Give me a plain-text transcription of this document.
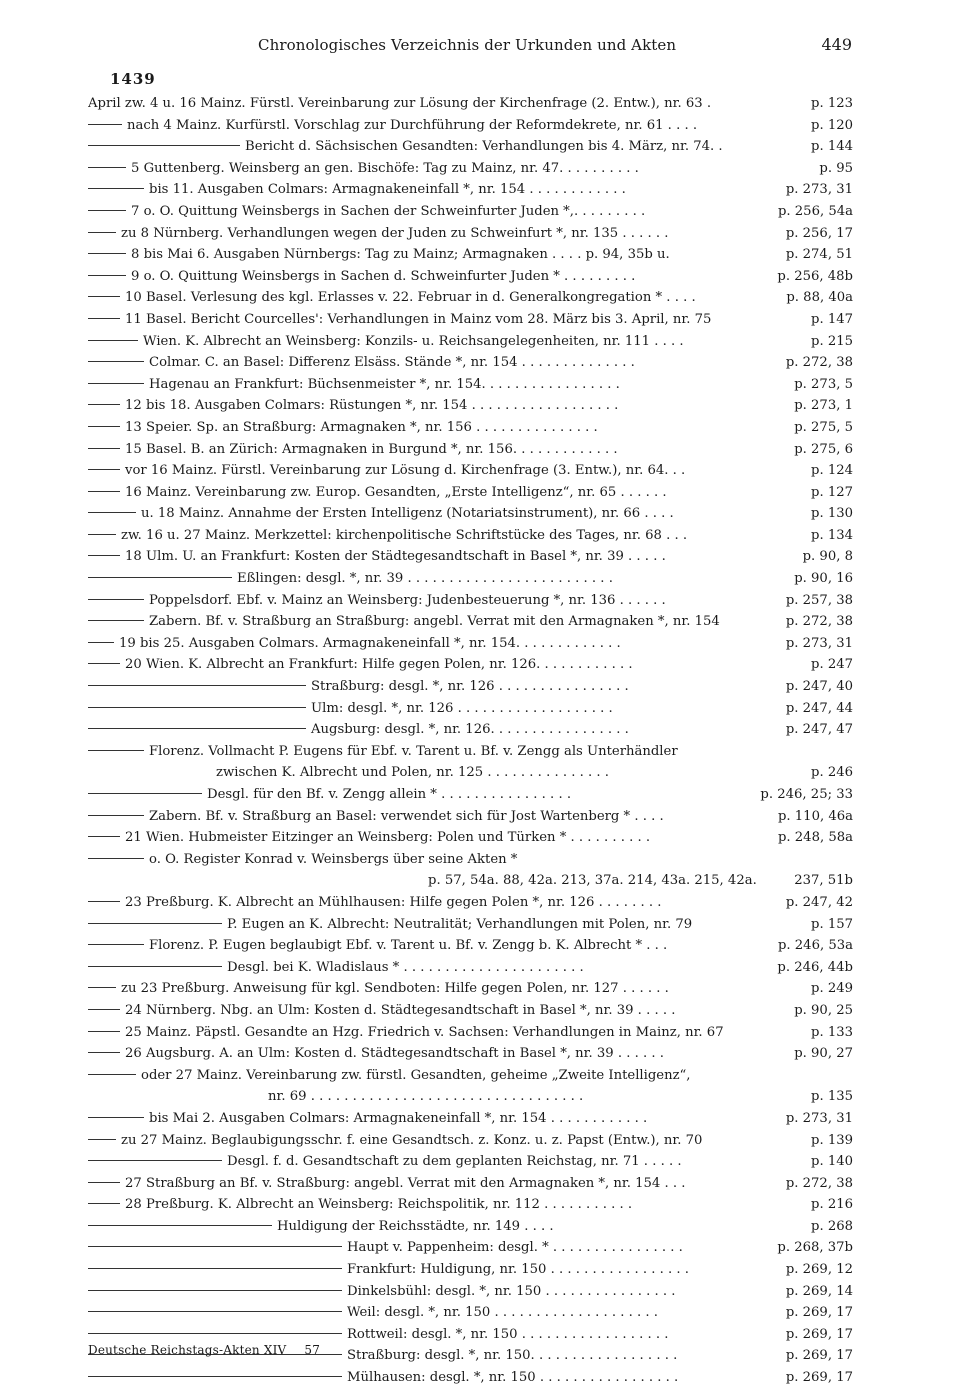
Chronologisches Verzeichnis der Urkunden und Akten	449
1439
April zw. 4 u. 16 Mainz. Fürstl. Vereinbarung zur Lösung der Kirchenfrage (2. Entw.), nr. 63 .	p. 123
nach 4 Mainz. Kurfürstl. Vorschlag zur Durchführung der Reformdekrete, nr. 61 . . . .	p. 120
Bericht d. Sächsischen Gesandten: Verhandlungen bis 4. März, nr. 74. .	p. 144
5 Guttenberg. Weinsberg an gen. Bischöfe: Tag zu Mainz, nr. 47. . . . . . . . . .	p. 95
bis 11. Ausgaben Colmars: Armagnakeneinfall *, nr. 154 . . . . . . . . . . . .	p. 273, 31
7 o. O. Quittung Weinsbergs in Sachen der Schweinfurter Juden *,. . . . . . . . .	p. 256, 54a
zu 8 Nürnberg. Verhandlungen wegen der Juden zu Schweinfurt *, nr. 135 . . . . . .	p. 256, 17
8 bis Mai 6. Ausgaben Nürnbergs: Tag zu Mainz; Armagnaken . . . . p. 94, 35b u.	p. 274, 51
9 o. O. Quittung Weinsbergs in Sachen d. Schweinfurter Juden * . . . . . . . . .	p. 256, 48b
10 Basel. Verlesung des kgl. Erlasses v. 22. Februar in d. Generalkongregation * . . . .	p. 88, 40a
11 Basel. Bericht Courcelles': Verhandlungen in Mainz vom 28. März bis 3. April, nr. 75	p. 147
Wien. K. Albrecht an Weinsberg: Konzils- u. Reichsangelegenheiten, nr. 111 . . . .	p. 215
Colmar. C. an Basel: Differenz Elsäss. Stände *, nr. 154 . . . . . . . . . . . . . .	p. 272, 38
Hagenau an Frankfurt: Büchsenmeister *, nr. 154. . . . . . . . . . . . . . . . .	p. 273, 5
12 bis 18. Ausgaben Colmars: Rüstungen *, nr. 154 . . . . . . . . . . . . . . . . . .	p. 273, 1
13 Speier. Sp. an Straßburg: Armagnaken *, nr. 156 . . . . . . . . . . . . . . .	p. 275, 5
15 Basel. B. an Zürich: Armagnaken in Burgund *, nr. 156. . . . . . . . . . . . .	p. 275, 6
vor 16 Mainz. Fürstl. Vereinbarung zur Lösung d. Kirchenfrage (3. Entw.), nr. 64. . .	p. 124
16 Mainz. Vereinbarung zw. Europ. Gesandten, „Erste Intelligenz“, nr. 65 . . . . . .	p. 127
u. 18 Mainz. Annahme der Ersten Intelligenz (Notariatsinstrument), nr. 66 . . . .	p. 130
zw. 16 u. 27 Mainz. Merkzettel: kirchenpolitische Schriftstücke des Tages, nr. 68 . . .	p. 134
18 Ulm. U. an Frankfurt: Kosten der Städtegesandtschaft in Basel *, nr. 39 . . . . .	p. 90, 8
Eßlingen: desgl. *, nr. 39 . . . . . . . . . . . . . . . . . . . . . . . . .	p. 90, 16
Poppelsdorf. Ebf. v. Mainz an Weinsberg: Judenbesteuerung *, nr. 136 . . . . . .	p. 257, 38
Zabern. Bf. v. Straßburg an Straßburg: angebl. Verrat mit den Armagnaken *, nr. 154	p. 272, 38
19 bis 25. Ausgaben Colmars. Armagnakeneinfall *, nr. 154. . . . . . . . . . . . .	p. 273, 31
20 Wien. K. Albrecht an Frankfurt: Hilfe gegen Polen, nr. 126. . . . . . . . . . . .	p. 247
Straßburg: desgl. *, nr. 126 . . . . . . . . . . . . . . . .	p. 247, 40
Ulm: desgl. *, nr. 126 . . . . . . . . . . . . . . . . . . .	p. 247, 44
Augsburg: desgl. *, nr. 126. . . . . . . . . . . . . . . . .	p. 247, 47
Florenz. Vollmacht P. Eugens für Ebf. v. Tarent u. Bf. v. Zengg als Unterhändler
zwischen K. Albrecht und Polen, nr. 125 . . . . . . . . . . . . . . .	p. 246
Desgl. für den Bf. v. Zengg allein * . . . . . . . . . . . . . . . .	p. 246, 25; 33
Zabern. Bf. v. Straßburg an Basel: verwendet sich für Jost Wartenberg * . . . .	p. 110, 46a
21 Wien. Hubmeister Eitzinger an Weinsberg: Polen und Türken * . . . . . . . . . .	p. 248, 58a
o. O. Register Konrad v. Weinsbergs über seine Akten *
p. 57, 54a. 88, 42a. 213, 37a. 214, 43a. 215, 42a.	237, 51b
23 Preßburg. K. Albrecht an Mühlhausen: Hilfe gegen Polen *, nr. 126 . . . . . . . .	p. 247, 42
P. Eugen an K. Albrecht: Neutralität; Verhandlungen mit Polen, nr. 79	p. 157
Florenz. P. Eugen beglaubigt Ebf. v. Tarent u. Bf. v. Zengg b. K. Albrecht * . . .	p. 246, 53a
Desgl. bei K. Wladislaus * . . . . . . . . . . . . . . . . . . . . . .	p. 246, 44b
zu 23 Preßburg. Anweisung für kgl. Sendboten: Hilfe gegen Polen, nr. 127 . . . . . .	p. 249
24 Nürnberg. Nbg. an Ulm: Kosten d. Städtegesandtschaft in Basel *, nr. 39 . . . . .	p. 90, 25
25 Mainz. Päpstl. Gesandte an Hzg. Friedrich v. Sachsen: Verhandlungen in Mainz, nr. 67	p. 133
26 Augsburg. A. an Ulm: Kosten d. Städtegesandtschaft in Basel *, nr. 39 . . . . . .	p. 90, 27
oder 27 Mainz. Vereinbarung zw. fürstl. Gesandten, geheime „Zweite Intelligenz“,
nr. 69 . . . . . . . . . . . . . . . . . . . . . . . . . . . . . . . . .	p. 135
bis Mai 2. Ausgaben Colmars: Armagnakeneinfall *, nr. 154 . . . . . . . . . . . .	p. 273, 31
zu 27 Mainz. Beglaubigungsschr. f. eine Gesandtsch. z. Konz. u. z. Papst (Entw.), nr. 70	p. 139
Desgl. f. d. Gesandtschaft zu dem geplanten Reichstag, nr. 71 . . . . .	p. 140
27 Straßburg an Bf. v. Straßburg: angebl. Verrat mit den Armagnaken *, nr. 154 . . .	p. 272, 38
28 Preßburg. K. Albrecht an Weinsberg: Reichspolitik, nr. 112 . . . . . . . . . . .	p. 216
Huldigung der Reichsstädte, nr. 149 . . . .	p. 268
Haupt v. Pappenheim: desgl. * . . . . . . . . . . . . . . . .	p. 268, 37b
Frankfurt: Huldigung, nr. 150 . . . . . . . . . . . . . . . . .	p. 269, 12
Dinkelsbühl: desgl. *, nr. 150 . . . . . . . . . . . . . . . .	p. 269, 14
Weil: desgl. *, nr. 150 . . . . . . . . . . . . . . . . . . . .	p. 269, 17
Rottweil: desgl. *, nr. 150 . . . . . . . . . . . . . . . . . .	p. 269, 17
Straßburg: desgl. *, nr. 150. . . . . . . . . . . . . . . . . .	p. 269, 17
Mülhausen: desgl. *, nr. 150 . . . . . . . . . . . . . . . . .	p. 269, 17
Deutsche Reichstags-Akten XIV 57
